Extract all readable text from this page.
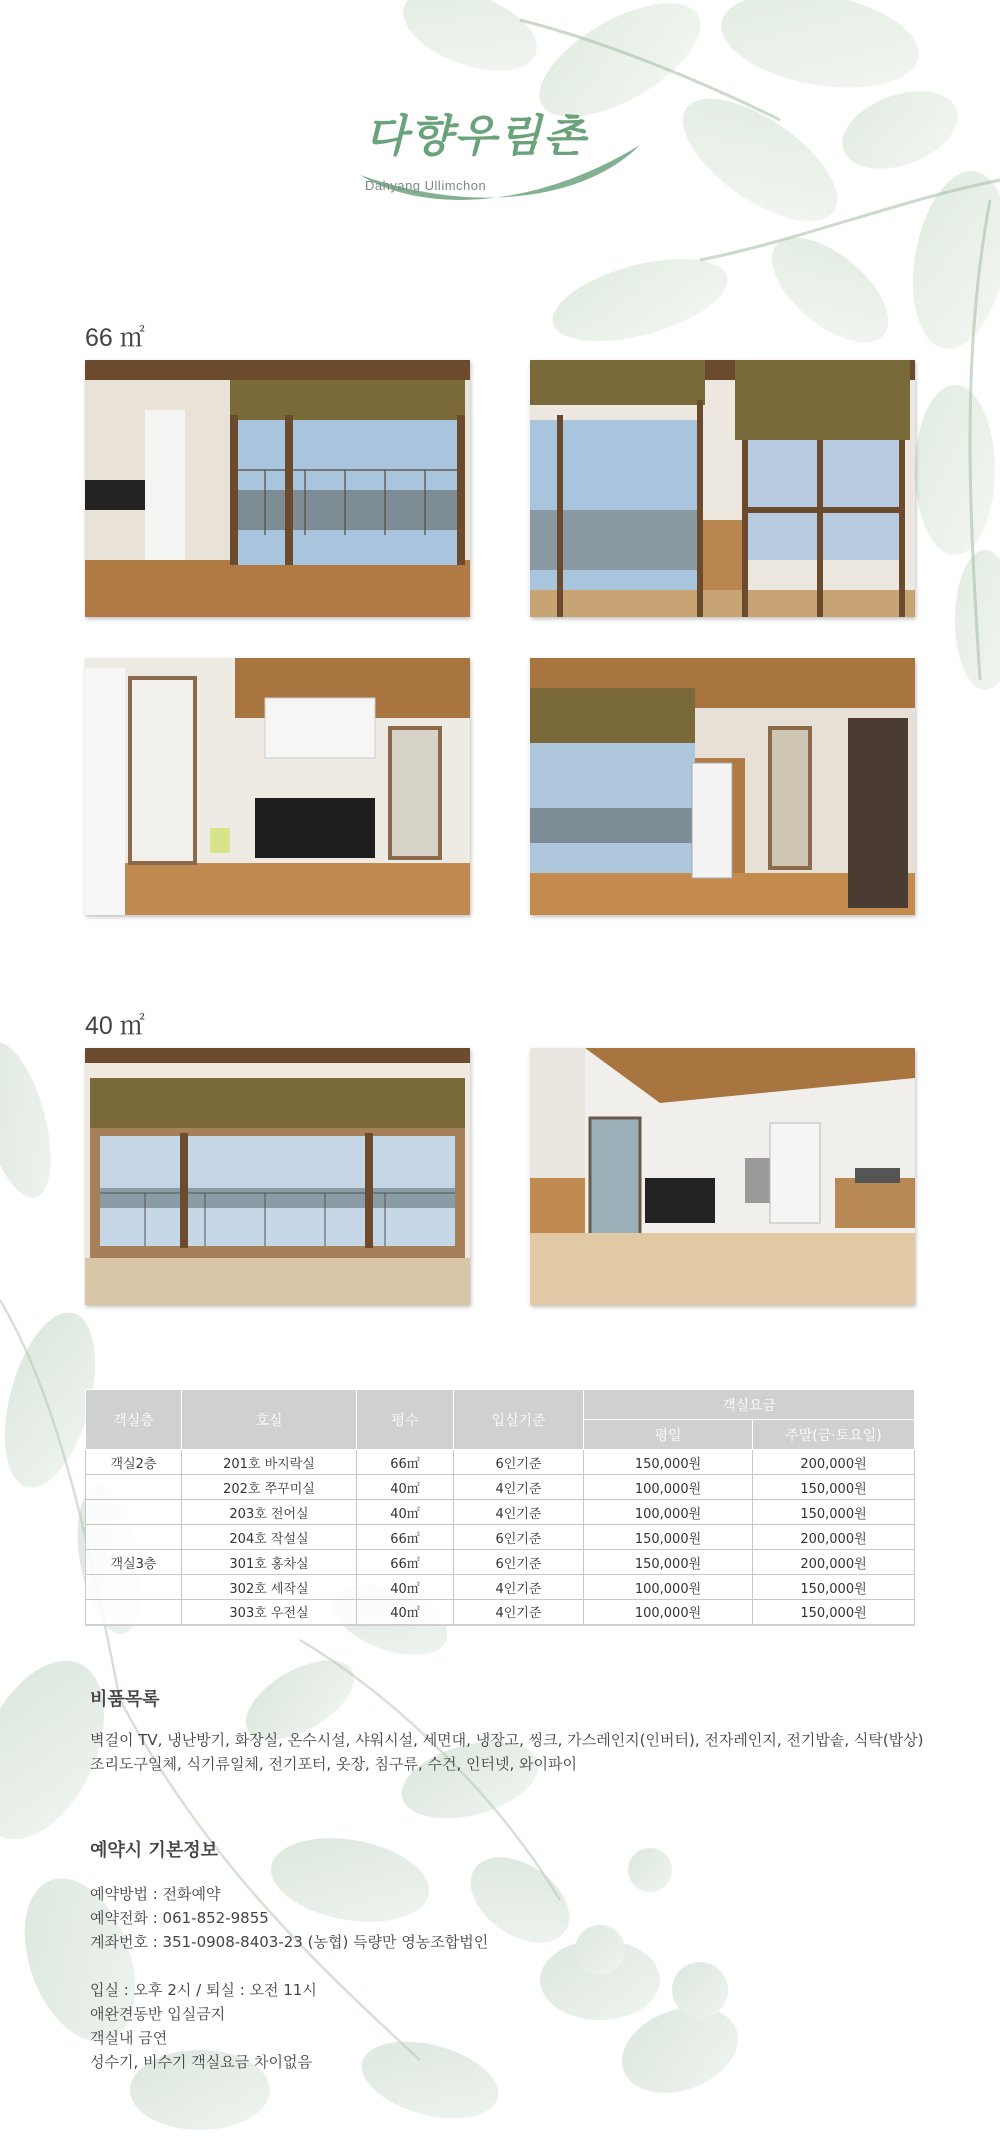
다향우림촌
Dahyang Ullimchon
66 ㎡
40 ㎡
객실층	호실	평수	입실기준	객실요금	
				평일	주말(금·토요일)
객실2층	201호 바지락실	66㎡	6인기준	150,000원	200,000원
	202호 쭈꾸미실	40㎡	4인기준	100,000원	150,000원
	203호 전어실	40㎡	4인기준	100,000원	150,000원
	204호 작설실	66㎡	6인기준	150,000원	200,000원
객실3층	301호 홍차실	66㎡	6인기준	150,000원	200,000원
	302호 세작실	40㎡	4인기준	100,000원	150,000원
	303호 우전실	40㎡	4인기준	100,000원	150,000원
비품목록
벽걸이 TV, 냉난방기, 화장실, 온수시설, 샤워시설, 세면대, 냉장고, 씽크, 가스레인지(인버터), 전자레인지, 전기밥솥, 식탁(밥상)
조리도구일체, 식기류일체, 전기포터, 옷장, 침구류, 수건, 인터넷, 와이파이
예약시 기본정보
예약방법 : 전화예약
예약전화 : 061-852-9855
계좌번호 : 351-0908-8403-23 (농협) 득량만 영농조합법인
입실 : 오후 2시 / 퇴실 : 오전 11시
애완견동반 입실금지
객실내 금연
성수기, 비수기 객실요금 차이없음
